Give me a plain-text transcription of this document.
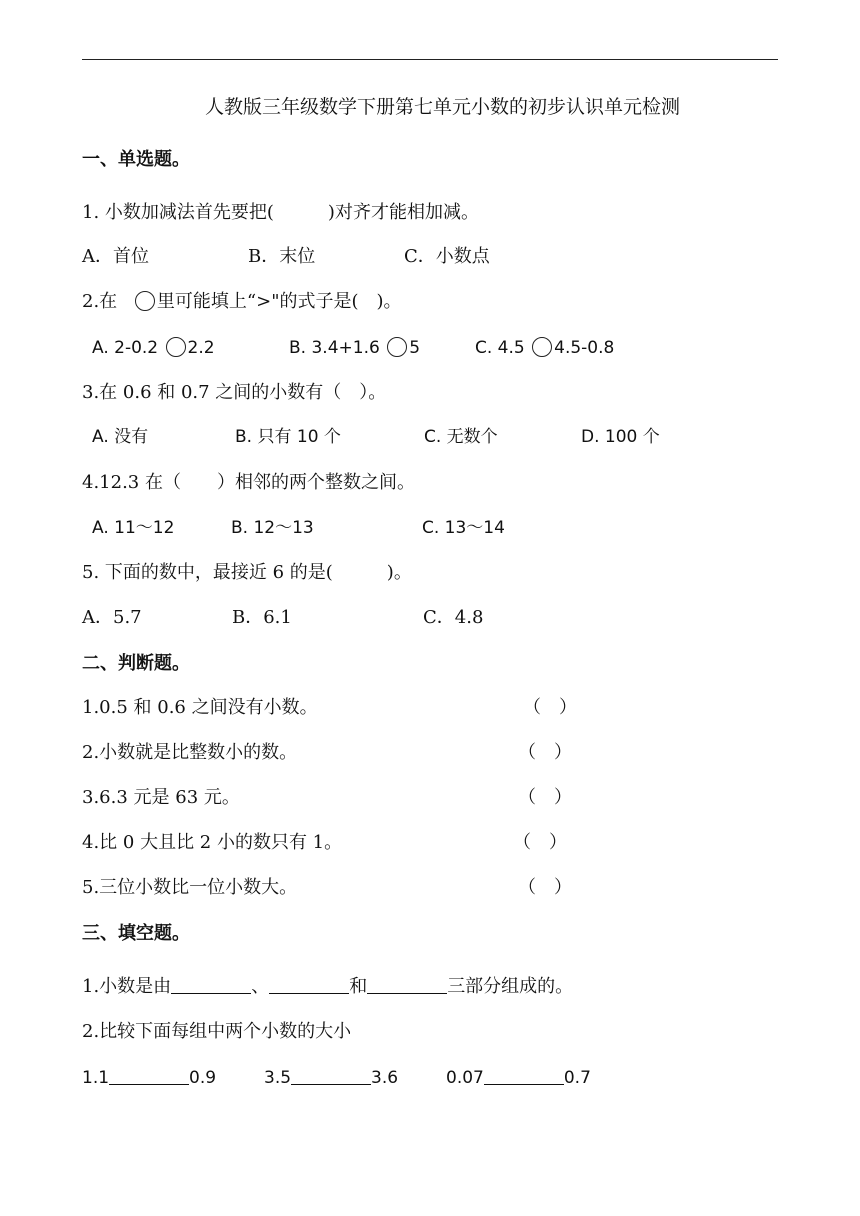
人教版三年级数学下册第七单元小数的初步认识单元检测
一、单选题。
1. 小数加减法首先要把(　　　)对齐才能相加减。
A．首位	B．末位	C．小数点
2.在 里可能填上“>"的式子是(　)。
A. 2-0.2 2.2	B. 3.4+1.6 5	C. 4.5 4.5-0.8
3.在 0.6 和 0.7 之间的小数有（　）。
A. 没有	B. 只有 10 个	C. 无数个	D. 100 个
4.12.3 在（　　）相邻的两个整数之间。
A. 11～12	B. 12～13	C. 13～14
5. 下面的数中，最接近 6 的是(　　　)。
A．5.7	B．6.1	C．4.8
二、判断题。
1.0.5 和 0.6 之间没有小数。	（　）
2.小数就是比整数小的数。	（　）
3.6.3 元是 63 元。	（　）
4.比 0 大且比 2 小的数只有 1。	（　）
5.三位小数比一位小数大。	（　）
三、填空题。
1.小数是由	、	和	三部分组成的。
2.比较下面每组中两个小数的大小
1.1	0.9	3.5	3.6	0.07	0.7
